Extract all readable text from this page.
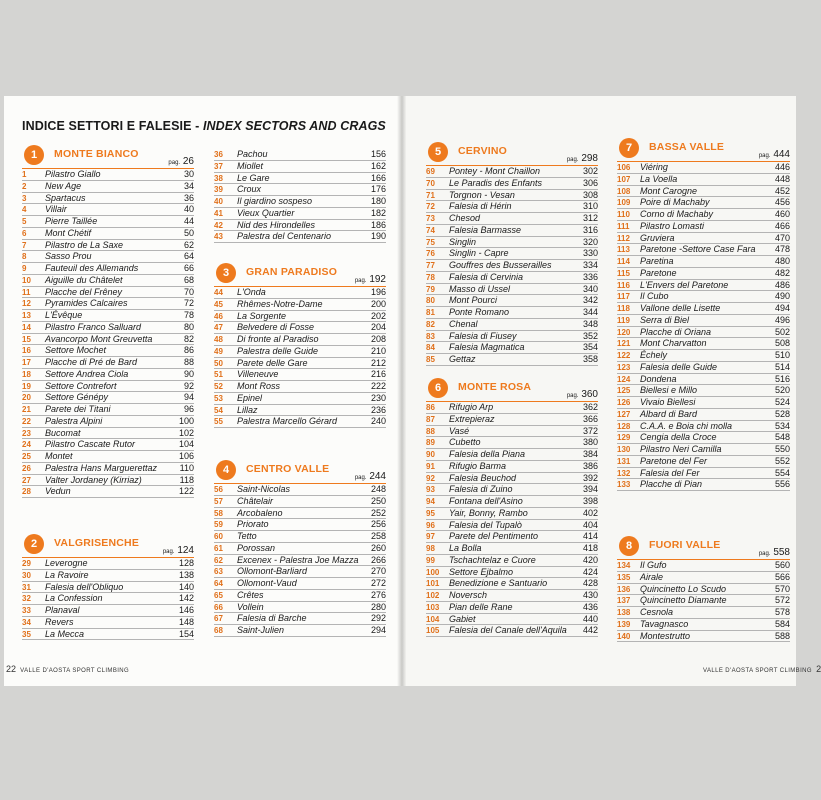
INDICE SETTORI E FALESIE - INDEX SECTORS AND CRAGS
1	MONTE BIANCO
pag. 26
1	Pilastro Giallo	30
2	New Age	34
3	Spartacus	36
4	Villair	40
5	Pierre Taillée	44
6	Mont Chétif	50
7	Pilastro de La Saxe	62
8	Sasso Prou	64
9	Fauteuil des Allemands	66
10	Aiguille du Châtelet	68
11	Placche del Frêney	70
12	Pyramides Calcaires	72
13	L'Évêque	78
14	Pilastro Franco Salluard	80
15	Avancorpo Mont Greuvetta	82
16	Settore Mochet	86
17	Placche di Pré de Bard	88
18	Settore Andrea Ciola	90
19	Settore Contrefort	92
20	Settore Génépy	94
21	Parete dei Titani	96
22	Palestra Alpini	100
23	Bucomat	102
24	Pilastro Cascate Rutor	104
25	Montet	106
26	Palestra Hans Marguerettaz	110
27	Valter Jordaney (Kirriaz)	118
28	Vedun	122
2	VALGRISENCHE
pag. 124
29	Leverogne	128
30	La Ravoire	138
31	Falesia dell'Obliquo	140
32	La Confession	142
33	Planaval	146
34	Revers	148
35	La Mecca	154
36	Pachou	156
37	Miollet	162
38	Le Gare	166
39	Croux	176
40	Il giardino sospeso	180
41	Vieux Quartier	182
42	Nid des Hirondelles	186
43	Palestra del Centenario	190
3	GRAN PARADISO
pag. 192
44	L'Onda	196
45	Rhêmes-Notre-Dame	200
46	La Sorgente	202
47	Belvedere di Fosse	204
48	Di fronte al Paradiso	208
49	Palestra delle Guide	210
50	Parete delle Gare	212
51	Villeneuve	216
52	Mont Ross	222
53	Epinel	230
54	Lillaz	236
55	Palestra Marcello Gérard	240
4	CENTRO VALLE
pag. 244
56	Saint-Nicolas	248
57	Châtelair	250
58	Arcobaleno	252
59	Priorato	256
60	Tetto	258
61	Porossan	260
62	Excenex - Palestra Joe Mazza 266
63	Ollomont-Barliard	270
64	Ollomont-Vaud	272
65	Crêtes	276
66	Vollein	280
67	Falesia di Barche	292
68	Saint-Julien	294
5	CERVINO
pag. 298
69	Pontey - Mont Chaillon	302
70	Le Paradis des Enfants	306
71	Torgnon - Vesan	308
72	Falesia di Hérin	310
73	Chesod	312
74	Falesia Barmasse	316
75	Singlin	320
76	Singlin - Capre	330
77	Gouffres des Busserailles	334
78	Falesia di Cervinia	336
79	Masso di Ussel	340
80	Mont Pourci	342
81	Ponte Romano	344
82	Chenal	348
83	Falesia di Fiusey	352
84	Falesia Magmatica	354
85	Gettaz	358
6	MONTE ROSA
pag. 360
86	Rifugio Arp	362
87	Extrepieraz	366
88	Vasé	372
89	Cubetto	380
90	Falesia della Piana	384
91	Rifugio Barma	386
92	Falesia Beuchod	392
93	Falesia di Zuino	394
94	Fontana dell'Asino	398
95	Yair, Bonny, Rambo	402
96	Falesia del Tupalò	404
97	Parete del Pentimento	414
98	La Bolla	418
99	Tschachtelaz e Cuore	420
100	Settore Ejbalmo	424
101	Benedizione e Santuario	428
102	Noversch	430
103	Pian delle Rane	436
104	Gabiet	440
105	Falesia del Canale dell'Aquila	442
7	BASSA VALLE
pag. 444
106	Viéring	446
107	La Voella	448
108	Mont Carogne	452
109	Poire di Machaby	456
110	Corno di Machaby	460
111	Pilastro Lomasti	466
112	Gruviera	470
113	Paretone -Settore Case Fara	478
114	Paretina	480
115	Paretone	482
116	L'Envers del Paretone	486
117	Il Cubo	490
118	Vallone delle Lisette	494
119	Serra di Biel	496
120	Placche di Oriana	502
121	Mont Charvatton	508
122	Échely	510
123	Falesia delle Guide	514
124	Dondena	516
125	Biellesi e Millo	520
126	Vivaio Biellesi	524
127	Albard di Bard	528
128	C.A.A. e Boia chi molla	534
129	Cengia della Croce	548
130	Pilastro Neri Camilla	550
131	Paretone del Fer	552
132	Falesia del Fer	554
133	Placche di Pian	556
8	FUORI VALLE
pag. 558
134	Il Gufo	560
135	Airale	566
136	Quincinetto Lo Scudo	570
137	Quincinetto Diamante	572
138	Cesnola	578
139	Tavagnasco	584
140	Montestrutto	588
22 VALLE D'AOSTA SPORT CLIMBING	VALLE D'AOSTA SPORT CLIMBING 2
